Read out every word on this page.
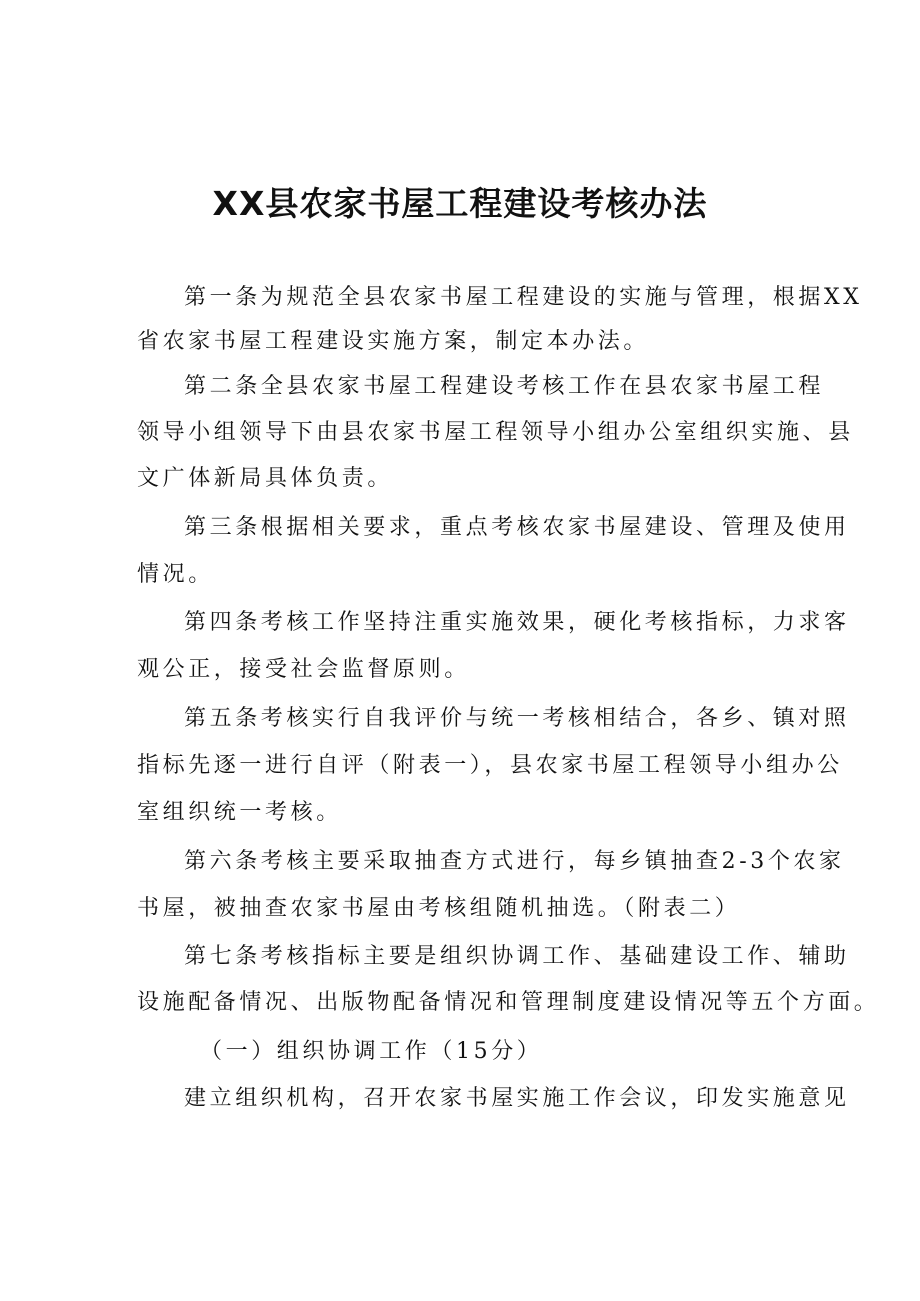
XX县农家书屋工程建设考核办法

第一条为规范全县农家书屋工程建设的实施与管理，根据XX

省农家书屋工程建设实施方案，制定本办法。

第二条全县农家书屋工程建设考核工作在县农家书屋工程

领导小组领导下由县农家书屋工程领导小组办公室组织实施、县

文广体新局具体负责。

第三条根据相关要求，重点考核农家书屋建设、管理及使用

情况。

第四条考核工作坚持注重实施效果，硬化考核指标，力求客

观公正，接受社会监督原则。

第五条考核实行自我评价与统一考核相结合，各乡、镇对照

指标先逐一进行自评（附表一），县农家书屋工程领导小组办公

室组织统一考核。

第六条考核主要采取抽查方式进行，每乡镇抽查2-3个农家

书屋，被抽查农家书屋由考核组随机抽选。（附表二）

第七条考核指标主要是组织协调工作、基础建设工作、辅助

设施配备情况、出版物配备情况和管理制度建设情况等五个方面。

（一）组织协调工作（15分）

建立组织机构，召开农家书屋实施工作会议，印发实施意见
